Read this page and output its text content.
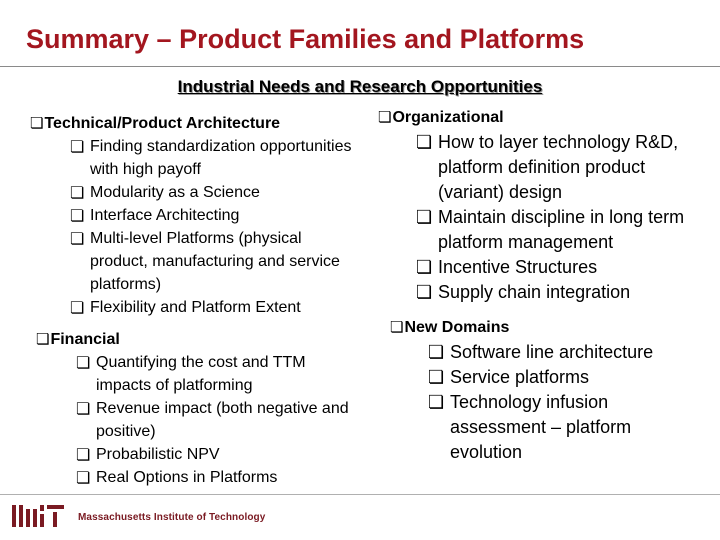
Summary – Product Families and Platforms
Industrial Needs and Research Opportunities
❏Technical/Product Architecture
❏ Finding standardization opportunities with high payoff
❏ Modularity as a Science
❏ Interface Architecting
❏ Multi-level Platforms (physical product, manufacturing and service platforms)
❏ Flexibility and Platform Extent
❏Financial
❏ Quantifying the cost and TTM impacts of platforming
❏ Revenue impact (both negative and positive)
❏ Probabilistic NPV
❏ Real Options in Platforms
❏Organizational
❏ How to layer technology R&D, platform definition product (variant) design
❏ Maintain discipline in long term platform management
❏ Incentive Structures
❏ Supply chain integration
❏New Domains
❏ Software line architecture
❏ Service platforms
❏ Technology infusion assessment – platform evolution
Massachusetts Institute of Technology
